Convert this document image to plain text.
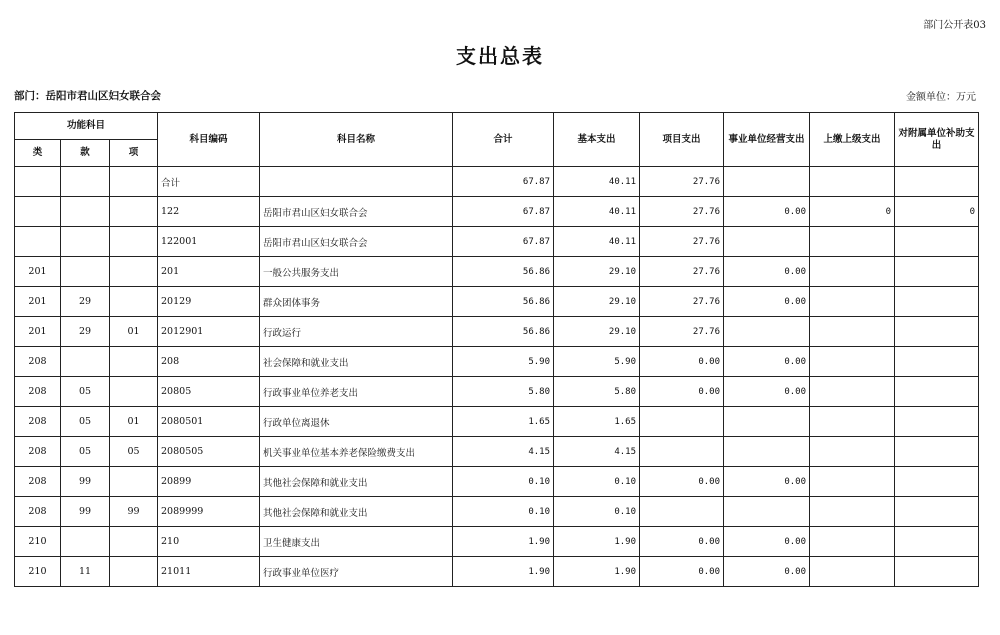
部门公开表03
支出总表
部门：岳阳市君山区妇女联合会	金额单位：万元
功能科目			科目编码	科目名称	合计	基本支出	项目支出	事业单位经营支出	上缴上级支出	对附属单位补助支出
类	款	项								
			合计		67.87	40.11	27.76			
			122	岳阳市君山区妇女联合会	67.87	40.11	27.76	0.00	0	0
			122001	岳阳市君山区妇女联合会	67.87	40.11	27.76			
201			201	一般公共服务支出	56.86	29.10	27.76	0.00		
201	29		20129	群众团体事务	56.86	29.10	27.76	0.00		
201	29	01	2012901	行政运行	56.86	29.10	27.76			
208			208	社会保障和就业支出	5.90	5.90	0.00	0.00		
208	05		20805	行政事业单位养老支出	5.80	5.80	0.00	0.00		
208	05	01	2080501	行政单位离退休	1.65	1.65				
208	05	05	2080505	机关事业单位基本养老保险缴费支出	4.15	4.15				
208	99		20899	其他社会保障和就业支出	0.10	0.10	0.00	0.00		
208	99	99	2089999	其他社会保障和就业支出	0.10	0.10				
210			210	卫生健康支出	1.90	1.90	0.00	0.00		
210	11		21011	行政事业单位医疗	1.90	1.90	0.00	0.00		
